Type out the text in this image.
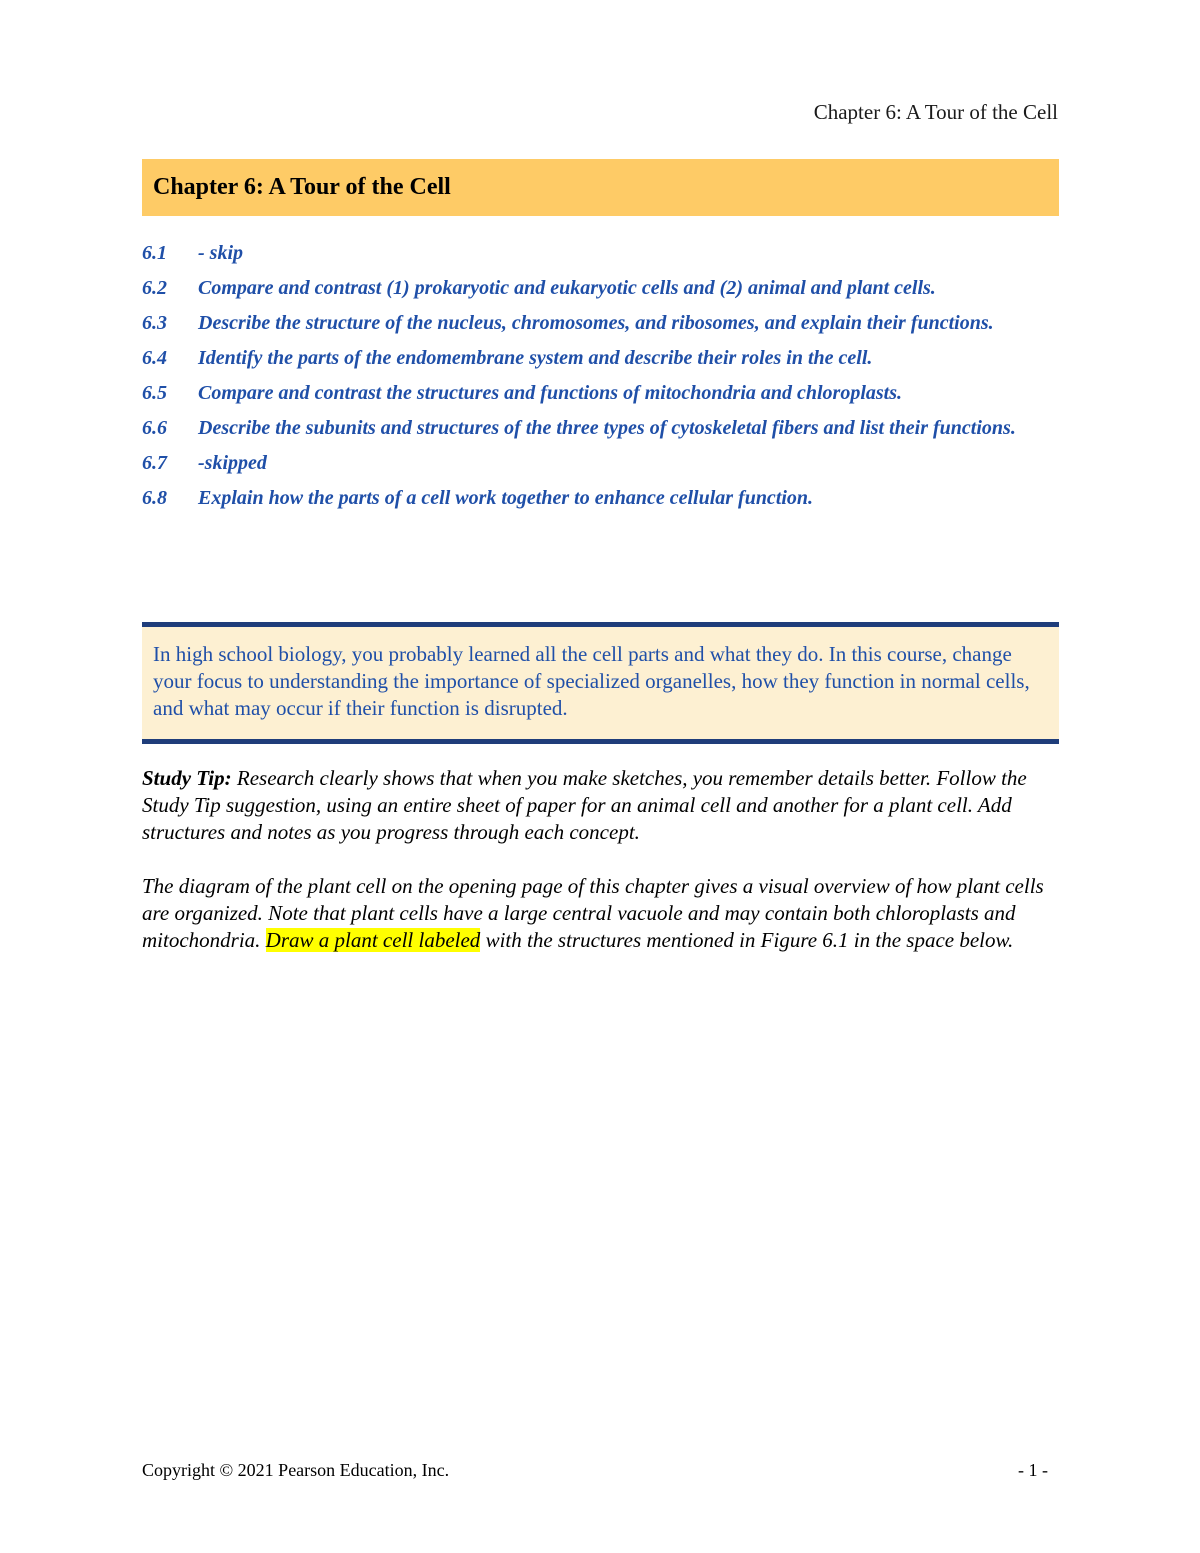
Chapter 6: A Tour of the Cell
Chapter 6: A Tour of the Cell
6.1	- skip
6.2	Compare and contrast (1) prokaryotic and eukaryotic cells and (2) animal and plant cells.
6.3	Describe the structure of the nucleus, chromosomes, and ribosomes, and explain their functions.
6.4	Identify the parts of the endomembrane system and describe their roles in the cell.
6.5	Compare and contrast the structures and functions of mitochondria and chloroplasts.
6.6	Describe the subunits and structures of the three types of cytoskeletal fibers and list their functions.
6.7	-skipped
6.8	Explain how the parts of a cell work together to enhance cellular function.
In high school biology, you probably learned all the cell parts and what they do. In this course, change your focus to understanding the importance of specialized organelles, how they function in normal cells, and what may occur if their function is disrupted.

Study Tip: Research clearly shows that when you make sketches, you remember details better. Follow the Study Tip suggestion, using an entire sheet of paper for an animal cell and another for a plant cell. Add structures and notes as you progress through each concept.

The diagram of the plant cell on the opening page of this chapter gives a visual overview of how plant cells are organized. Note that plant cells have a large central vacuole and may contain both chloroplasts and mitochondria. Draw a plant cell labeled with the structures mentioned in Figure 6.1 in the space below.

Copyright © 2021 Pearson Education, Inc.	- 1 -
